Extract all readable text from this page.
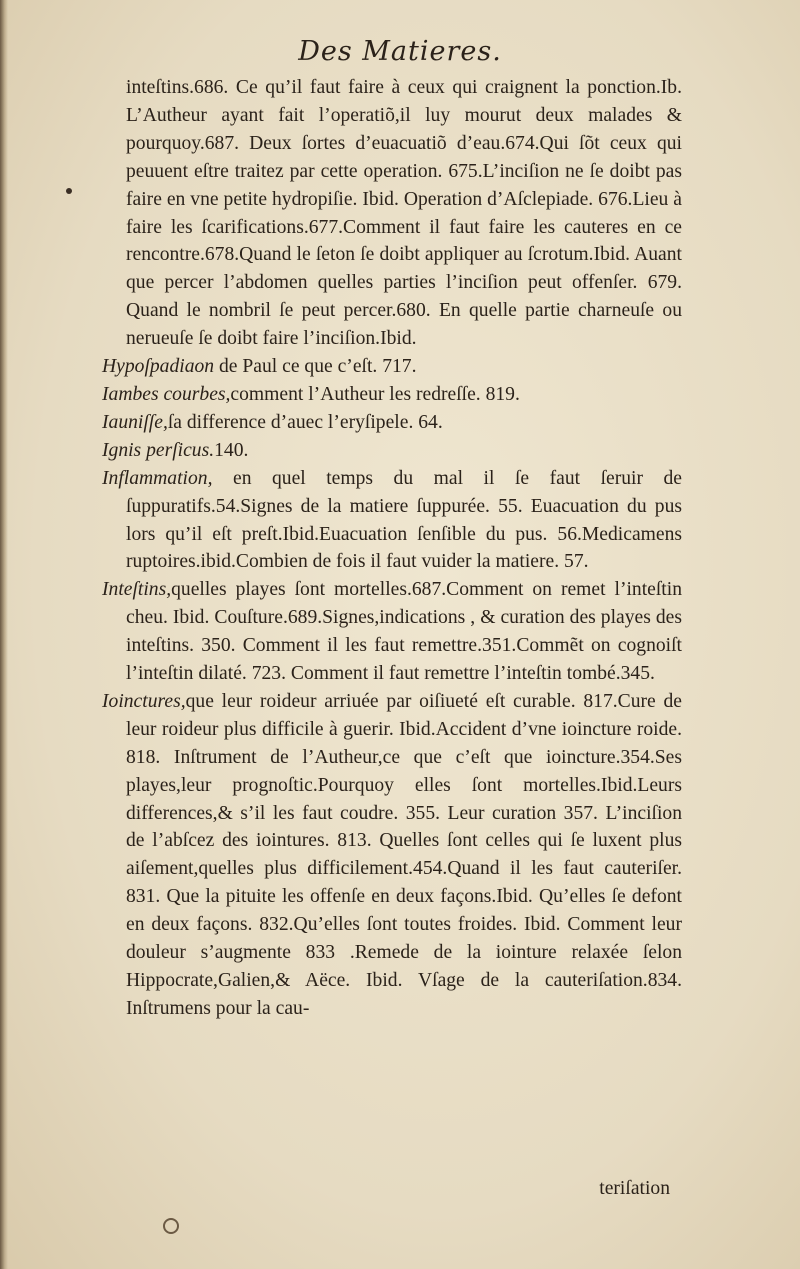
Des Matieres.

inteſtins.686. Ce qu’il faut faire à ceux qui craignent la ponction.Ib. L’Autheur ayant fait l’operatiõ,il luy mourut deux malades & pourquoy.687. Deux ſortes d’euacuatiõ d’eau.674.Qui ſõt ceux qui peuuent eſtre traitez par cette operation. 675.L’inciſion ne ſe doibt pas faire en vne petite hydropiſie. Ibid. Operation d’Aſclepiade. 676.Lieu à faire les ſcarifications.677.Comment il faut faire les cauteres en ce rencontre.678.Quand le ſeton ſe doibt appliquer au ſcrotum.Ibid. Auant que percer l’abdomen quelles parties l’inciſion peut offenſer. 679. Quand le nombril ſe peut percer.680. En quelle partie charneuſe ou nerueuſe ſe doibt faire l’inciſion.Ibid.

Hypoſpadiaon de Paul ce que c’eſt. 717.

Iambes courbes,comment l’Autheur les redreſſe. 819.

Iauniſſe,ſa difference d’auec l’eryſipele. 64.

Ignis perſicus.140.

Inflammation, en quel temps du mal il ſe faut ſeruir de ſuppuratifs.54.Signes de la matiere ſuppurée. 55. Euacuation du pus lors qu’il eſt preſt.Ibid.Euacuation ſenſible du pus. 56.Medicamens ruptoires.ibid.Combien de fois il faut vuider la matiere. 57.

Inteſtins,quelles playes ſont mortelles.687.Comment on remet l’inteſtin cheu. Ibid. Couſture.689.Signes,indications , & curation des playes des inteſtins. 350. Comment il les faut remettre.351.Commẽt on cognoiſt l’inteſtin dilaté. 723. Comment il faut remettre l’inteſtin tombé.345.

Ioinctures,que leur roideur arriuée par oiſiueté eſt curable. 817.Cure de leur roideur plus difficile à guerir. Ibid.Accident d’vne ioincture roide. 818. Inſtrument de l’Autheur,ce que c’eſt que ioincture.354.Ses playes,leur prognoſtic.Pourquoy elles ſont mortelles.Ibid.Leurs differences,& s’il les faut coudre. 355. Leur curation 357. L’inciſion de l’abſcez des iointures. 813. Quelles ſont celles qui ſe luxent plus aiſement,quelles plus difficilement.454.Quand il les faut cauteriſer. 831. Que la pituite les offenſe en deux façons.Ibid. Qu’elles ſe defont en deux façons. 832.Qu’elles ſont toutes froides. Ibid. Comment leur douleur s’augmente 833 .Remede de la iointure relaxée ſelon Hippocrate,Galien,& Aëce. Ibid. Vſage de la cauteriſation.834. Inſtrumens pour la cau-

teriſation
